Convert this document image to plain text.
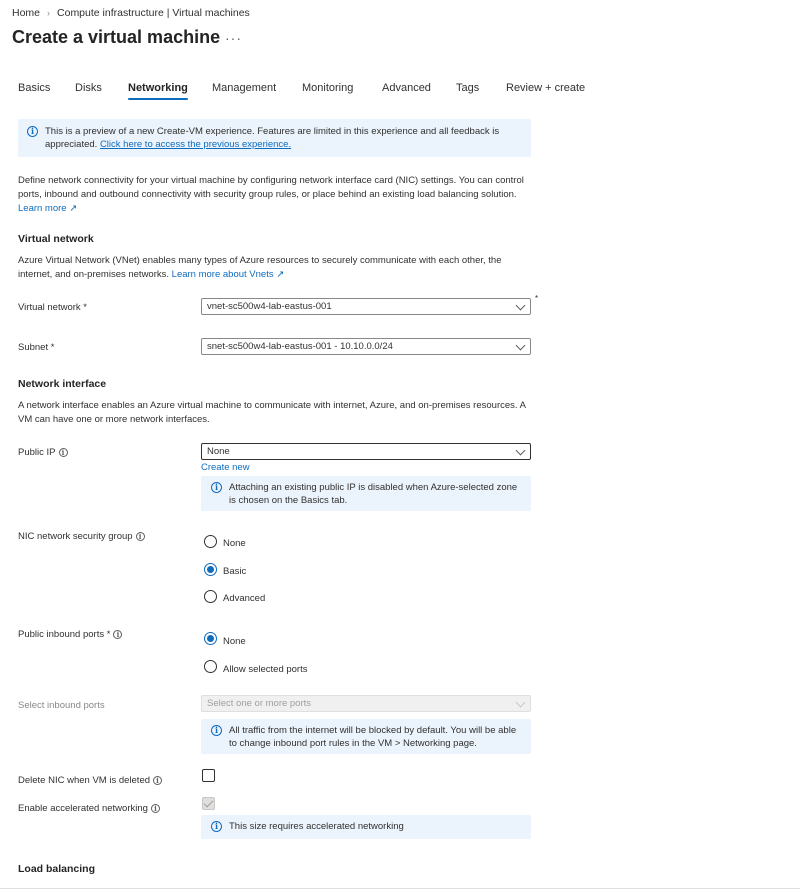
Home › Compute infrastructure | Virtual machines
Create a virtual machine ···
Basics Disks Networking Management Monitoring	Advanced Tags Review + create
i	This is a preview of a new Create-VM experience. Features are limited in this experience and all feedback is appreciated. Click here to access the previous experience.
Define network connectivity for your virtual machine by configuring network interface card (NIC) settings. You can control ports, inbound and outbound connectivity with security group rules, or place behind an existing load balancing solution.
Learn more ↗
Virtual network
Azure Virtual Network (VNet) enables many types of Azure resources to securely communicate with each other, the internet, and on-premises networks. Learn more about Vnets ↗
Virtual network *	vnet-sc500w4-lab-eastus-001
*
Subnet *	snet-sc500w4-lab-eastus-001 - 10.10.0.0/24
Network interface
A network interface enables an Azure virtual machine to communicate with internet, Azure, and on-premises resources. A VM can have one or more network interfaces.
Public IP i	None
Create new
i	Attaching an existing public IP is disabled when Azure-selected zone is chosen on the Basics tab.
NIC network security group i
None
Basic
Advanced
Public inbound ports * i
None
Allow selected ports
Select inbound ports	Select one or more ports
i	All traffic from the internet will be blocked by default. You will be able to change inbound port rules in the VM > Networking page.
Delete NIC when VM is deleted i
Enable accelerated networking i
i	This size requires accelerated networking
Load balancing
